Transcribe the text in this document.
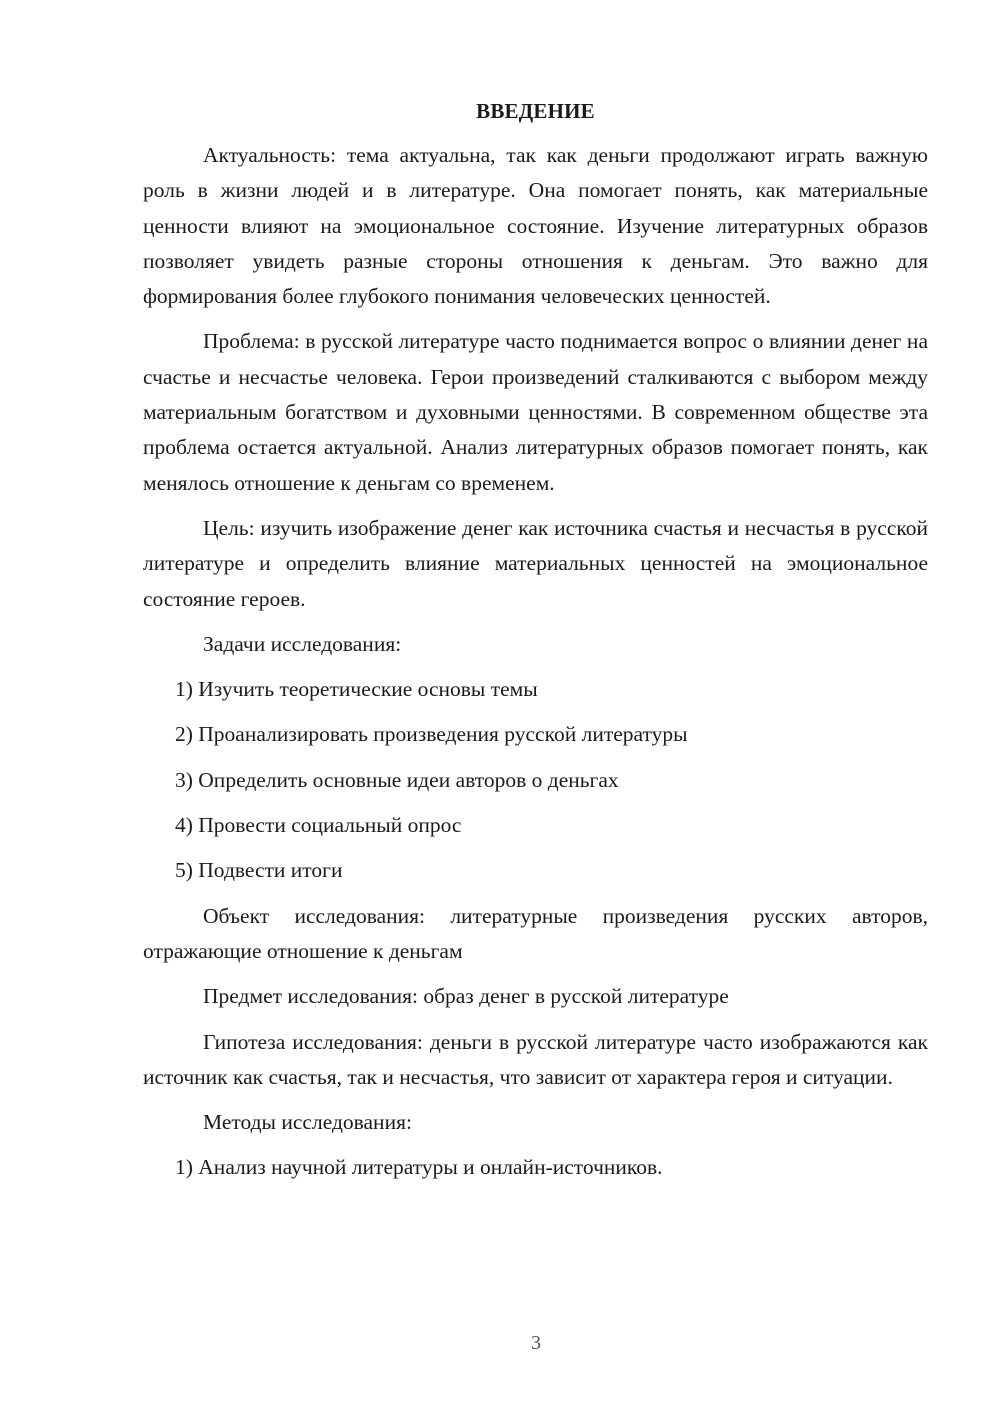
ВВЕДЕНИЕ

Актуальность: тема актуальна, так как деньги продолжают играть важную роль в жизни людей и в литературе. Она помогает понять, как материальные ценности влияют на эмоциональное состояние. Изучение литературных образов позволяет увидеть разные стороны отношения к деньгам. Это важно для формирования более глубокого понимания человеческих ценностей.

Проблема: в русской литературе часто поднимается вопрос о влиянии денег на счастье и несчастье человека. Герои произведений сталкиваются с выбором между материальным богатством и духовными ценностями. В современном обществе эта проблема остается актуальной. Анализ литературных образов помогает понять, как менялось отношение к деньгам со временем.

Цель: изучить изображение денег как источника счастья и несчастья в русской литературе и определить влияние материальных ценностей на эмоциональное состояние героев.

Задачи исследования:
1) Изучить теоретические основы темы
2) Проанализировать произведения русской литературы
3) Определить основные идеи авторов о деньгах
4) Провести социальный опрос
5) Подвести итоги

Объект исследования: литературные произведения русских авторов, отражающие отношение к деньгам

Предмет исследования: образ денег в русской литературе

Гипотеза исследования: деньги в русской литературе часто изображаются как источник как счастья, так и несчастья, что зависит от характера героя и ситуации.

Методы исследования:
1) Анализ научной литературы и онлайн-источников.
3
